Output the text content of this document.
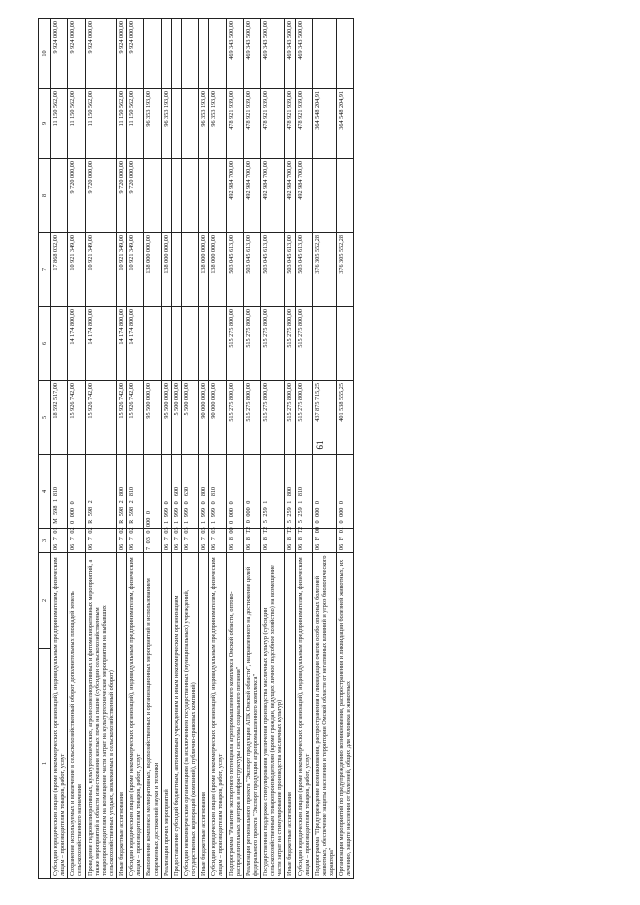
61
1	2	3	4	5	6	7	8	9	10
Субсидии юридическим лицам (кроме некоммерческих организаций), индивидуальным предпринимателям, физическим лицам – производителям товаров, работ, услуг		06 7 01 М 598 1	810	18 592 517,00		17 868 032,00		11 150 562,00	9 924 000,00
Сохранение используемых и вовлечение в сельскохозяйственный оборот дополнительных площадей земель сельскохозяйственного назначения		06 7 02 0 000 0		15 926 742,00	14 174 800,00	10 921 349,00	9 720 000,00	11 150 562,00	9 924 000,00
Проведение гидромелиоративных, культуртехнических, агролесомелиоративных и фитомелиоративных мероприятий, а также мероприятий в области известкования кислых почв на пашне (субсидии сельскохозяйственным товаропроизводителям на возмещение части затрат на культуртехнические мероприятия на выбывших сельскохозяйственных угодьях, вовлекаемых в сельскохозяйственный оборот)		06 7 02 R 598 2		15 926 742,00	14 174 800,00	10 921 349,00	9 720 000,00	11 150 562,00	9 924 000,00
Иные бюджетные ассигнования		06 7 02 R 598 2	800	15 926 742,00	14 174 800,00	10 921 349,00	9 720 000,00	11 150 562,00	9 924 000,00
Субсидии юридическим лицам (кроме некоммерческих организаций), индивидуальным предпринимателям, физическим лицам – производителям товаров, работ, услуг		06 7 02 R 598 2	810	15 926 742,00	14 174 800,00	10 921 349,00	9 720 000,00	11 150 562,00	9 924 000,00
Выполнение комплекса мелиоративных, водохозяйственных и организационных мероприятий и использованием современных достижений науки и техники		7 03 0 000 0		95 500 000,00		138 000 000,00		96 353 193,00	
Реализация прочих мероприятий		06 7 03 1 999 0		95 500 000,00		138 000 000,00		96 353 193,00	
Предоставление субсидий бюджетным, автономным учреждениям и иным некоммерческим организациям		06 7 03 1 999 0	600	5 500 000,00					
Субсидии некоммерческим организациям (за исключением государственных (муниципальных) учреждений, государственных корпораций (компаний), публично-правовых компаний)		06 7 03 1 999 0	630	5 500 000,00					
Иные бюджетные ассигнования		06 7 03 1 999 0	800	90 000 000,00		138 000 000,00		96 353 193,00	
Субсидии юридическим лицам (кроме некоммерческих организаций), индивидуальным предпринимателям, физическим лицам – производителям товаров, работ, услуг		06 7 03 1 999 0	810	90 000 000,00		138 000 000,00		96 353 193,00	
Подпрограмма "Развитие экспортного потенциала агропромышленного комплекса Омской области, оптово-распределительных центров и инфраструктуры системы социального питания"		06 8 00 0 000 0		515 275 800,00	515 275 800,00	503 045 613,00	492 984 700,00	478 921 939,00	469 343 500,00
Реализация регионального проекта "Экспорт продукции АПК Омской области", направленного на достижение целей федерального проекта "Экспорт продукции агропромышленного комплекса"		06 8 Т2 0 000 0		515 275 800,00	515 275 800,00	503 045 613,00	492 984 700,00	478 921 939,00	469 343 500,00
Государственная поддержка стимулирования увеличения производства масличных культур (субсидии сельскохозяйственным товаропроизводителям (кроме граждан, ведущих личное подсобное хозяйство) на возмещение части затрат на стимулирование производства масличных культур)		06 8 Т2 5 259 1		515 275 800,00	515 275 800,00	503 045 613,00	492 984 700,00	478 921 939,00	469 343 500,00
Иные бюджетные ассигнования		06 8 Т2 5 259 1	800	515 275 800,00	515 275 800,00	503 045 613,00	492 984 700,00	478 921 939,00	469 343 500,00
Субсидии юридическим лицам (кроме некоммерческих организаций), индивидуальным предпринимателям, физическим лицам – производителям товаров, работ, услуг		06 8 Т2 5 259 1	810	515 275 800,00	515 275 800,00	503 045 613,00	492 984 700,00	478 921 939,00	469 343 500,00
Подпрограмма "Предупреждение возникновения, распространения и ликвидация очагов особо опасных болезней животных, обеспечение защиты населения и территории Омской области от негативных влияний и угроз биологического характера"		06 F 00 0 000 0		437 875 715,25		376 305 552,28		364 548 204,91	
Организация мероприятий по предупреждению возникновения, распространения и ликвидации болезней животных, их лечению, защите населения от болезней, общих для человека и животных		06 F 01 0 000 0		401 538 555,25		376 305 552,28		364 548 204,91	
